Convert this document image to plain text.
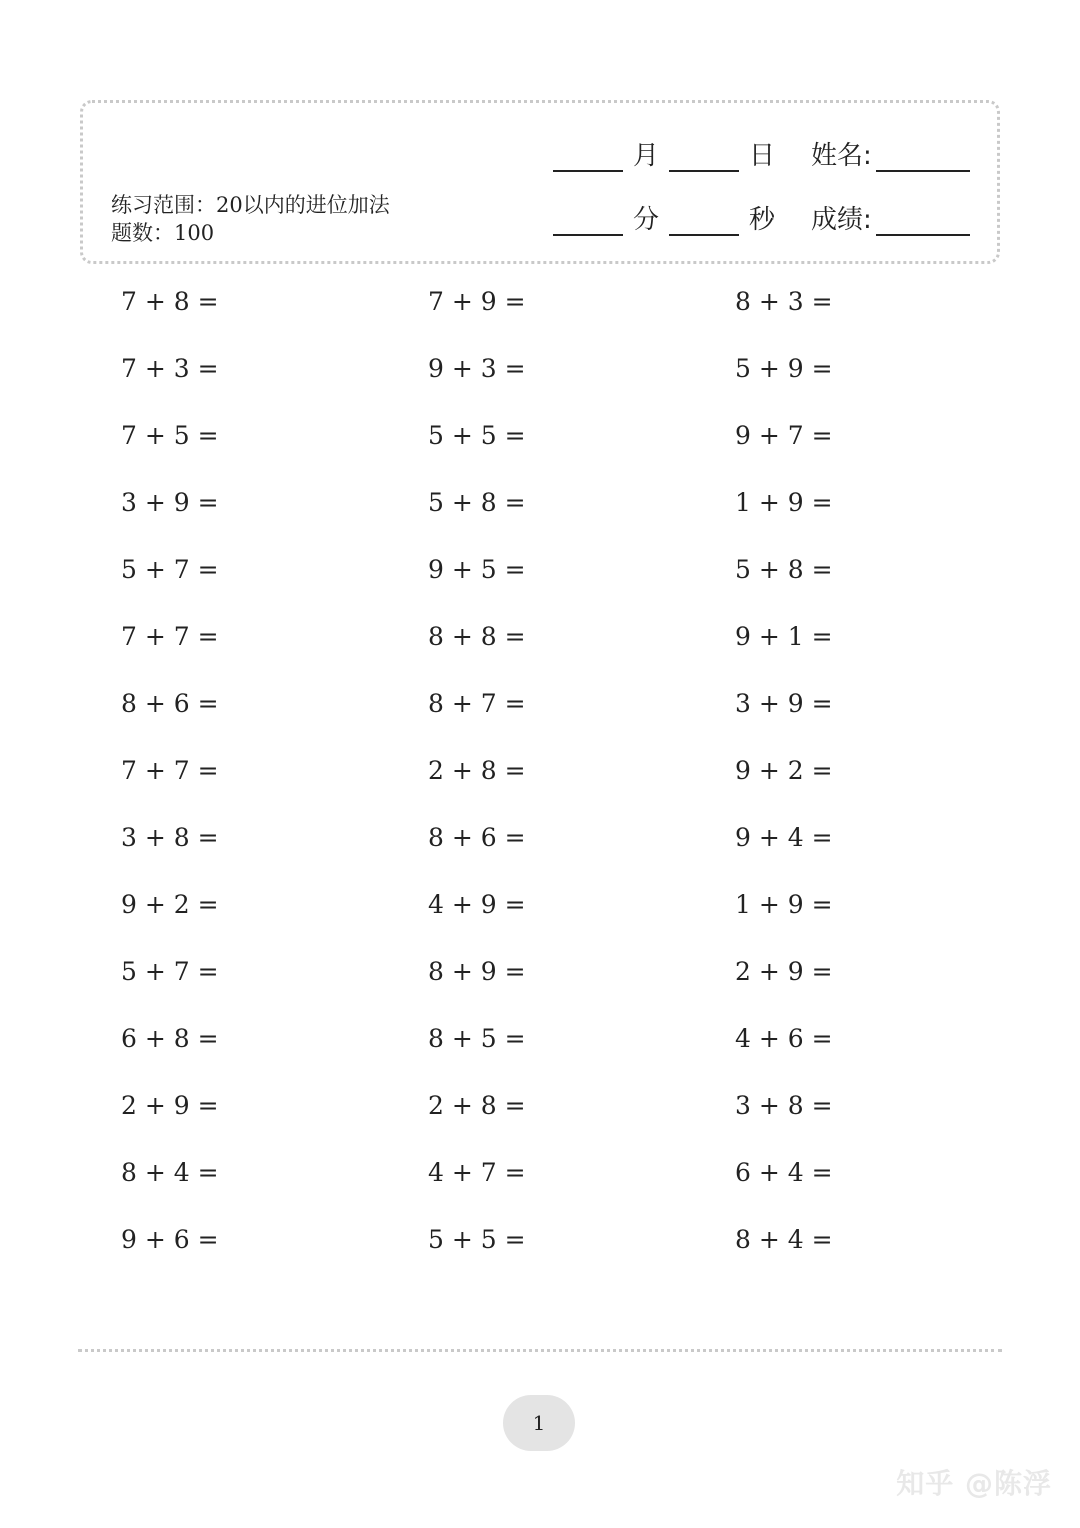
练习范围：20以内的进位加法 题数：100
月	日 姓名:
分	秒 成绩:
7 + 8 =	7 + 9 =	8 + 3 =
7 + 3 =	9 + 3 =	5 + 9 =
7 + 5 =	5 + 5 =	9 + 7 =
3 + 9 =	5 + 8 =	1 + 9 =
5 + 7 =	9 + 5 =	5 + 8 =
7 + 7 =	8 + 8 =	9 + 1 =
8 + 6 =	8 + 7 =	3 + 9 =
7 + 7 =	2 + 8 =	9 + 2 =
3 + 8 =	8 + 6 =	9 + 4 =
9 + 2 =	4 + 9 =	1 + 9 =
5 + 7 =	8 + 9 =	2 + 9 =
6 + 8 =	8 + 5 =	4 + 6 =
2 + 9 =	2 + 8 =	3 + 8 =
8 + 4 =	4 + 7 =	6 + 4 =
9 + 6 =	5 + 5 =	8 + 4 =
1
知乎 @陈浮
